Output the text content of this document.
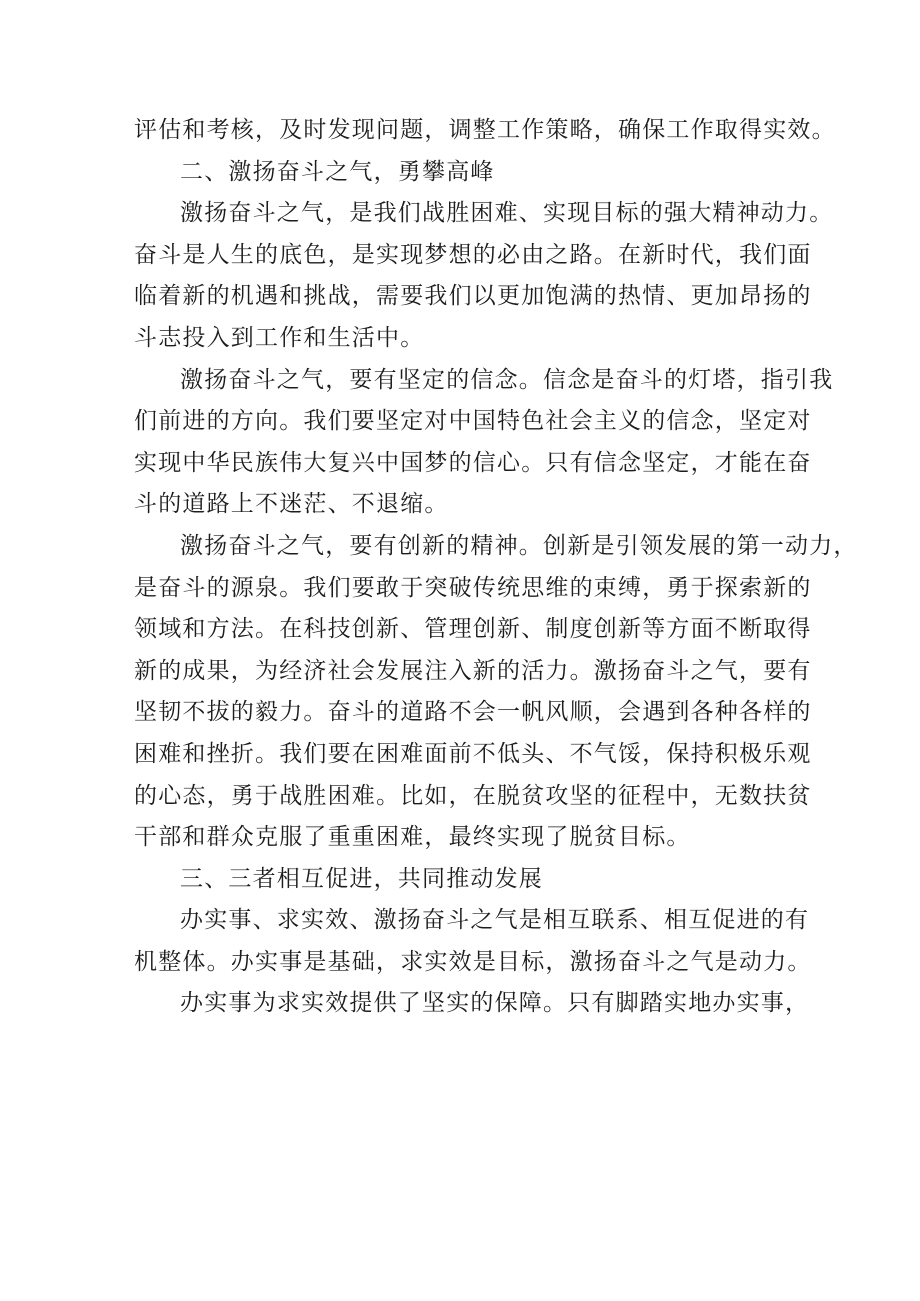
评估和考核，及时发现问题，调整工作策略，确保工作取得实效。
二、激扬奋斗之气，勇攀高峰
激扬奋斗之气，是我们战胜困难、实现目标的强大精神动力。
奋斗是人生的底色，是实现梦想的必由之路。在新时代，我们面
临着新的机遇和挑战，需要我们以更加饱满的热情、更加昂扬的
斗志投入到工作和生活中。
激扬奋斗之气，要有坚定的信念。信念是奋斗的灯塔，指引我
们前进的方向。我们要坚定对中国特色社会主义的信念，坚定对
实现中华民族伟大复兴中国梦的信心。只有信念坚定，才能在奋
斗的道路上不迷茫、不退缩。
激扬奋斗之气，要有创新的精神。创新是引领发展的第一动力，
是奋斗的源泉。我们要敢于突破传统思维的束缚，勇于探索新的
领域和方法。在科技创新、管理创新、制度创新等方面不断取得
新的成果，为经济社会发展注入新的活力。激扬奋斗之气，要有
坚韧不拔的毅力。奋斗的道路不会一帆风顺，会遇到各种各样的
困难和挫折。我们要在困难面前不低头、不气馁，保持积极乐观
的心态，勇于战胜困难。比如，在脱贫攻坚的征程中，无数扶贫
干部和群众克服了重重困难，最终实现了脱贫目标。
三、三者相互促进，共同推动发展
办实事、求实效、激扬奋斗之气是相互联系、相互促进的有
机整体。办实事是基础，求实效是目标，激扬奋斗之气是动力。
办实事为求实效提供了坚实的保障。只有脚踏实地办实事，
